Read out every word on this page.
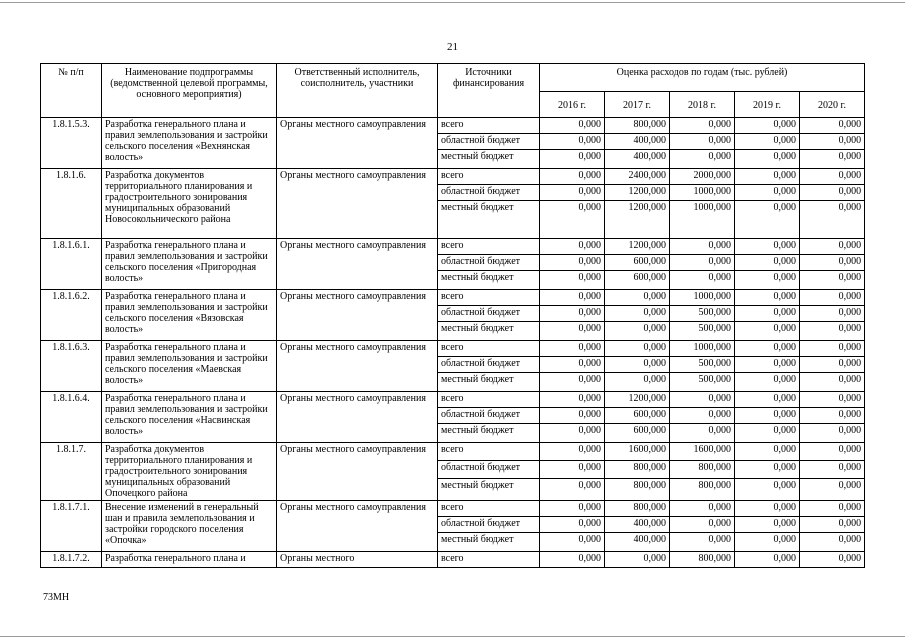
21
№ п/п	Наименование подпрограммы (ведомственной целевой программы, основного мероприятия)	Ответственный исполнитель, соисполнитель, участники	Источники финансирования	Оценка расходов по годам (тыс. рублей)				
				2016 г.	2017 г.	2018 г.	2019 г.	2020 г.
1.8.1.5.3.	Разработка генерального плана и правил землепользования и застройки сельского поселения «Вехнянская волость»	Органы местного самоуправления	всего	0,000	800,000	0,000	0,000	0,000
			областной бюджет	0,000	400,000	0,000	0,000	0,000
			местный бюджет	0,000	400,000	0,000	0,000	0,000
1.8.1.6.	Разработка документов территориального планирования и градостроительного зонирования муниципальных образований Новосокольнического района	Органы местного самоуправления	всего	0,000	2400,000	2000,000	0,000	0,000
			областной бюджет	0,000	1200,000	1000,000	0,000	0,000
			местный бюджет	0,000	1200,000	1000,000	0,000	0,000
1.8.1.6.1.	Разработка генерального плана и правил землепользования и застройки сельского поселения «Пригородная волость»	Органы местного самоуправления	всего	0,000	1200,000	0,000	0,000	0,000
			областной бюджет	0,000	600,000	0,000	0,000	0,000
			местный бюджет	0,000	600,000	0,000	0,000	0,000
1.8.1.6.2.	Разработка генерального плана и правил землепользования и застройки сельского поселения «Вязовская волость»	Органы местного самоуправления	всего	0,000	0,000	1000,000	0,000	0,000
			областной бюджет	0,000	0,000	500,000	0,000	0,000
			местный бюджет	0,000	0,000	500,000	0,000	0,000
1.8.1.6.3.	Разработка генерального плана и правил землепользования и застройки сельского поселения «Маевская волость»	Органы местного самоуправления	всего	0,000	0,000	1000,000	0,000	0,000
			областной бюджет	0,000	0,000	500,000	0,000	0,000
			местный бюджет	0,000	0,000	500,000	0,000	0,000
1.8.1.6.4.	Разработка генерального плана и правил землепользования и застройки сельского поселения «Насвинская волость»	Органы местного самоуправления	всего	0,000	1200,000	0,000	0,000	0,000
			областной бюджет	0,000	600,000	0,000	0,000	0,000
			местный бюджет	0,000	600,000	0,000	0,000	0,000
1.8.1.7.	Разработка документов территориального планирования и градостроительного зонирования муниципальных образований Опочецкого района	Органы местного самоуправления	всего	0,000	1600,000	1600,000	0,000	0,000
			областной бюджет	0,000	800,000	800,000	0,000	0,000
			местный бюджет	0,000	800,000	800,000	0,000	0,000
1.8.1.7.1.	Внесение изменений в генеральный шан и правила землепользования и застройки городского поселения «Опочка»	Органы местного самоуправления	всего	0,000	800,000	0,000	0,000	0,000
			областной бюджет	0,000	400,000	0,000	0,000	0,000
			местный бюджет	0,000	400,000	0,000	0,000	0,000
1.8.1.7.2.	Разработка генерального плана и	Органы местного	всего	0,000	0,000	800,000	0,000	0,000
73МН
